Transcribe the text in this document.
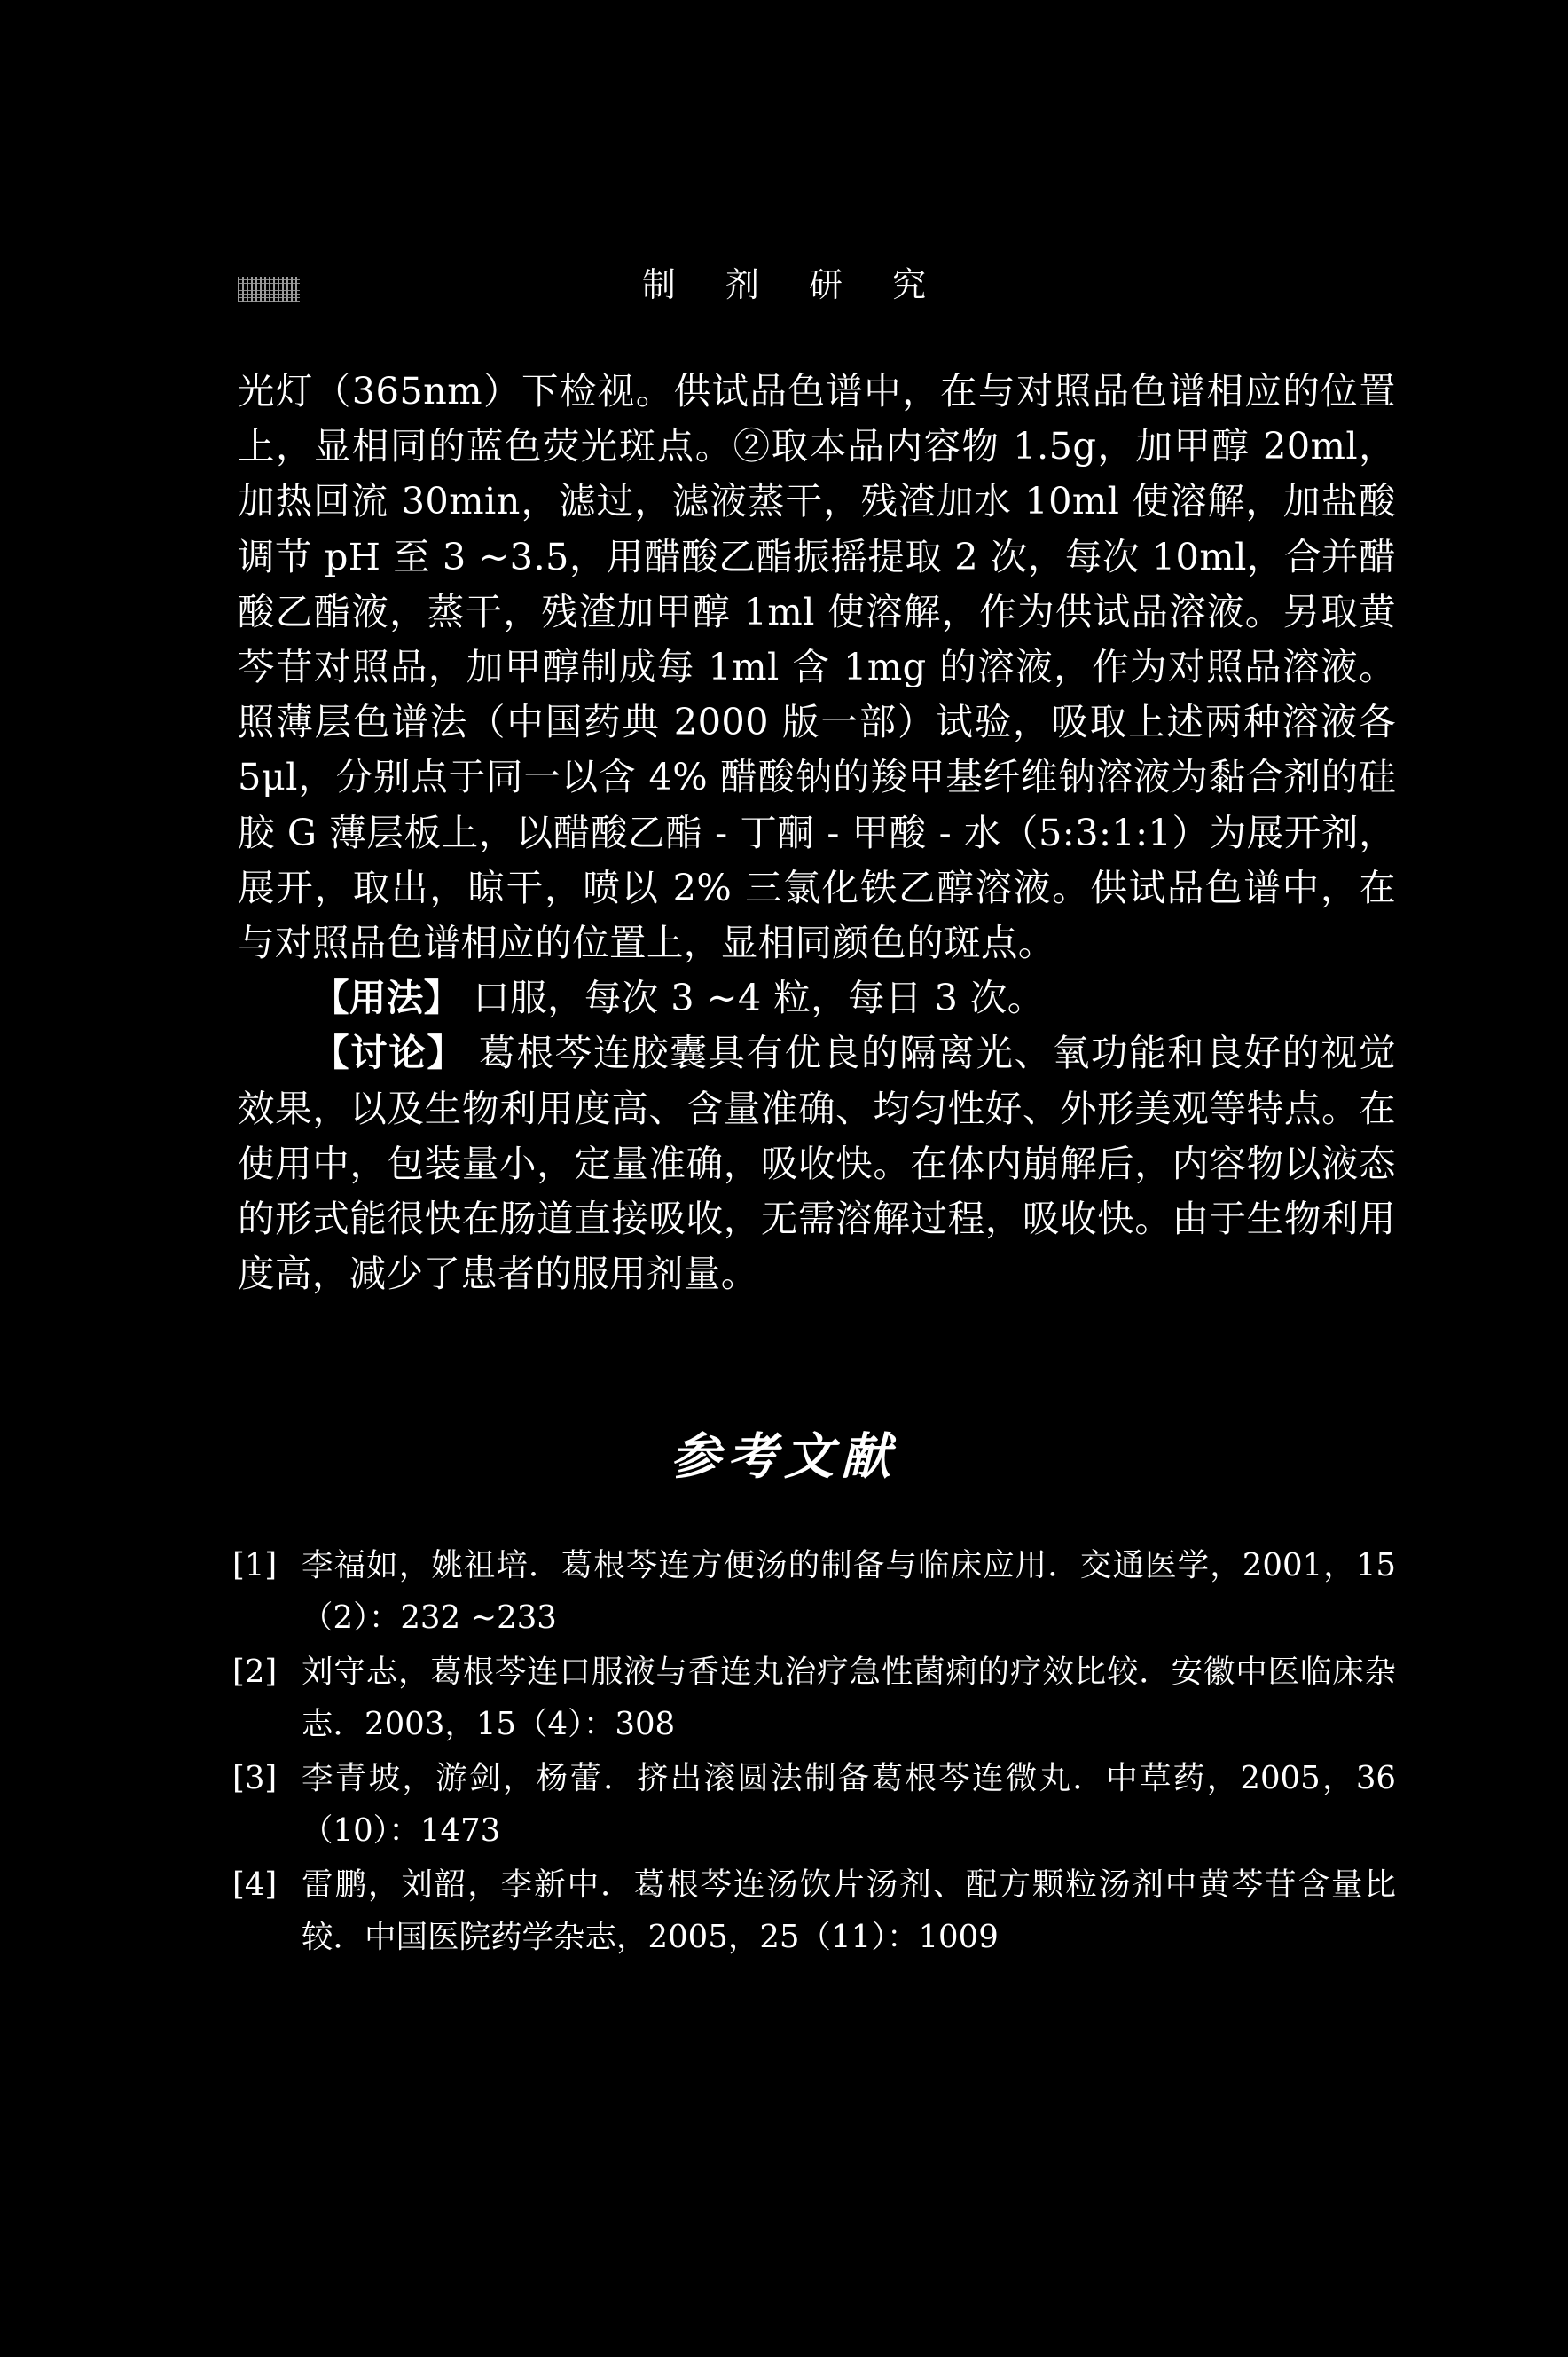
制 剂 研 究

光灯（365nm）下检视。供试品色谱中，在与对照品色谱相应的位置上，显相同的蓝色荧光斑点。②取本品内容物 1.5g，加甲醇 20ml，加热回流 30min，滤过，滤液蒸干，残渣加水 10ml 使溶解，加盐酸调节 pH 至 3 ~3.5，用醋酸乙酯振摇提取 2 次，每次 10ml，合并醋酸乙酯液，蒸干，残渣加甲醇 1ml 使溶解，作为供试品溶液。另取黄芩苷对照品，加甲醇制成每 1ml 含 1mg 的溶液，作为对照品溶液。照薄层色谱法（中国药典 2000 版一部）试验，吸取上述两种溶液各 5μl，分别点于同一以含 4% 醋酸钠的羧甲基纤维钠溶液为黏合剂的硅胶 G 薄层板上，以醋酸乙酯 - 丁酮 - 甲酸 - 水（5:3:1:1）为展开剂，展开，取出，晾干，喷以 2% 三氯化铁乙醇溶液。供试品色谱中，在与对照品色谱相应的位置上，显相同颜色的斑点。

【用法】 口服，每次 3 ~4 粒，每日 3 次。

【讨论】 葛根芩连胶囊具有优良的隔离光、氧功能和良好的视觉效果，以及生物利用度高、含量准确、均匀性好、外形美观等特点。在使用中，包装量小，定量准确，吸收快。在体内崩解后，内容物以液态的形式能很快在肠道直接吸收，无需溶解过程，吸收快。由于生物利用度高，减少了患者的服用剂量。

参考文献
[1] 李福如，姚祖培．葛根芩连方便汤的制备与临床应用．交通医学，2001，15（2）：232 ~233
[2] 刘守志，葛根芩连口服液与香连丸治疗急性菌痢的疗效比较．安徽中医临床杂志．2003，15（4）：308
[3] 李青坡，游剑，杨蕾．挤出滚圆法制备葛根芩连微丸．中草药，2005，36（10）：1473
[4] 雷鹏，刘韶，李新中．葛根芩连汤饮片汤剂、配方颗粒汤剂中黄芩苷含量比较．中国医院药学杂志，2005，25（11）：1009
